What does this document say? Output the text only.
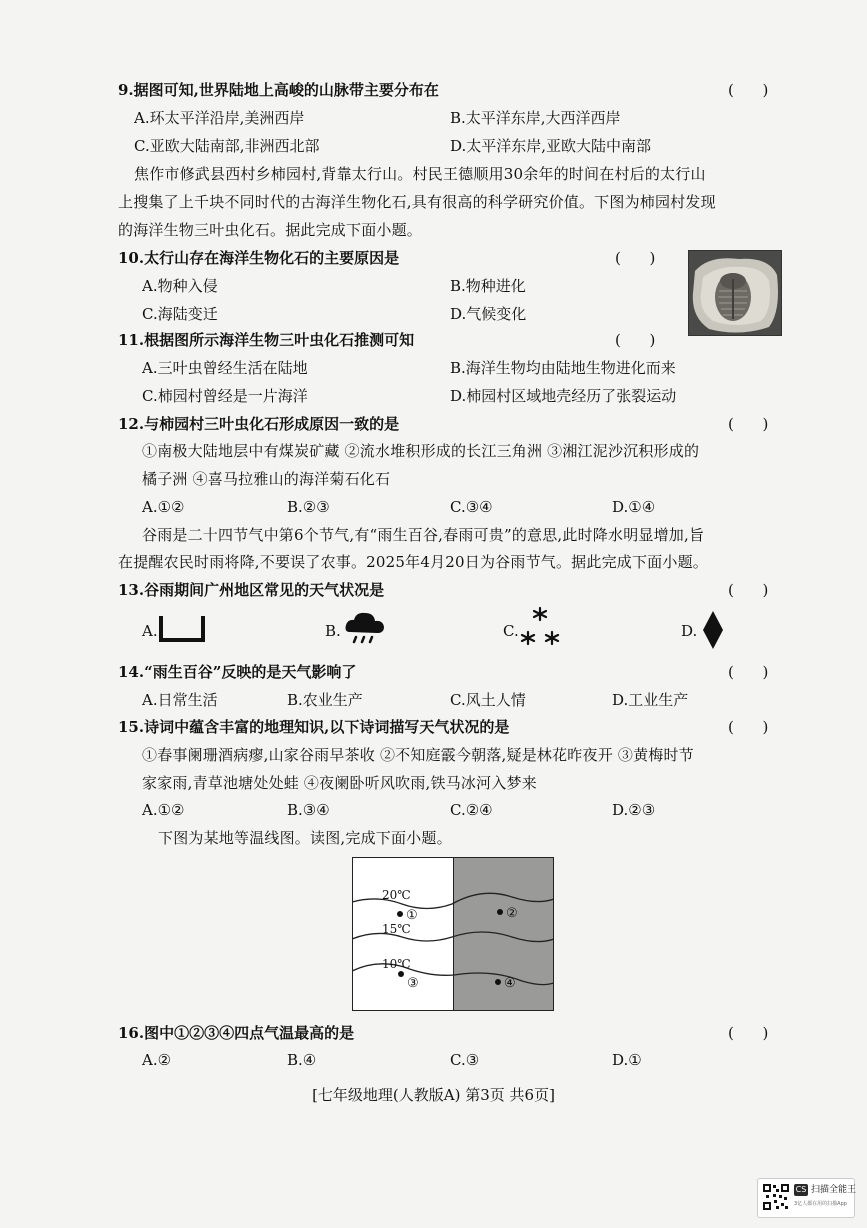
9.据图可知,世界陆地上高峻的山脉带主要分布在	(      )
A.环太平洋沿岸,美洲西岸	B.太平洋东岸,大西洋西岸
C.亚欧大陆南部,非洲西北部	D.太平洋东岸,亚欧大陆中南部
焦作市修武县西村乡柿园村,背靠太行山。村民王德顺用30余年的时间在村后的太行山
上搜集了上千块不同时代的古海洋生物化石,具有很高的科学研究价值。下图为柿园村发现
的海洋生物三叶虫化石。据此完成下面小题。
10.太行山存在海洋生物化石的主要原因是	(      )
A.物种入侵	B.物种进化
C.海陆变迁	D.气候变化
11.根据图所示海洋生物三叶虫化石推测可知	(      )
A.三叶虫曾经生活在陆地	B.海洋生物均由陆地生物进化而来
C.柿园村曾经是一片海洋	D.柿园村区域地壳经历了张裂运动
12.与柿园村三叶虫化石形成原因一致的是	(      )
①南极大陆地层中有煤炭矿藏 ②流水堆积形成的长江三角洲 ③湘江泥沙沉积形成的
橘子洲 ④喜马拉雅山的海洋菊石化石
A.①②	B.②③	C.③④	D.①④
谷雨是二十四节气中第6个节气,有“雨生百谷,春雨可贵”的意思,此时降水明显增加,旨
在提醒农民时雨将降,不要误了农事。2025年4月20日为谷雨节气。据此完成下面小题。
13.谷雨期间广州地区常见的天气状况是	(      )
A.	B.	C.	D.
14.“雨生百谷”反映的是天气影响了	(      )
A.日常生活	B.农业生产	C.风土人情	D.工业生产
15.诗词中蕴含丰富的地理知识,以下诗词描写天气状况的是	(      )
①春事阑珊酒病瘳,山家谷雨早茶收 ②不知庭霰今朝落,疑是林花昨夜开 ③黄梅时节
家家雨,青草池塘处处蛙 ④夜阑卧听风吹雨,铁马冰河入梦来
A.①②	B.③④	C.②④	D.②③
下图为某地等温线图。读图,完成下面小题。
20℃
15℃
10℃
①	②
③	④
16.图中①②③④四点气温最高的是	(      )
A.②	B.④	C.③	D.①
[七年级地理(人教版A) 第3页 共6页]
CS 扫描全能王
3亿人都在用的扫描App
